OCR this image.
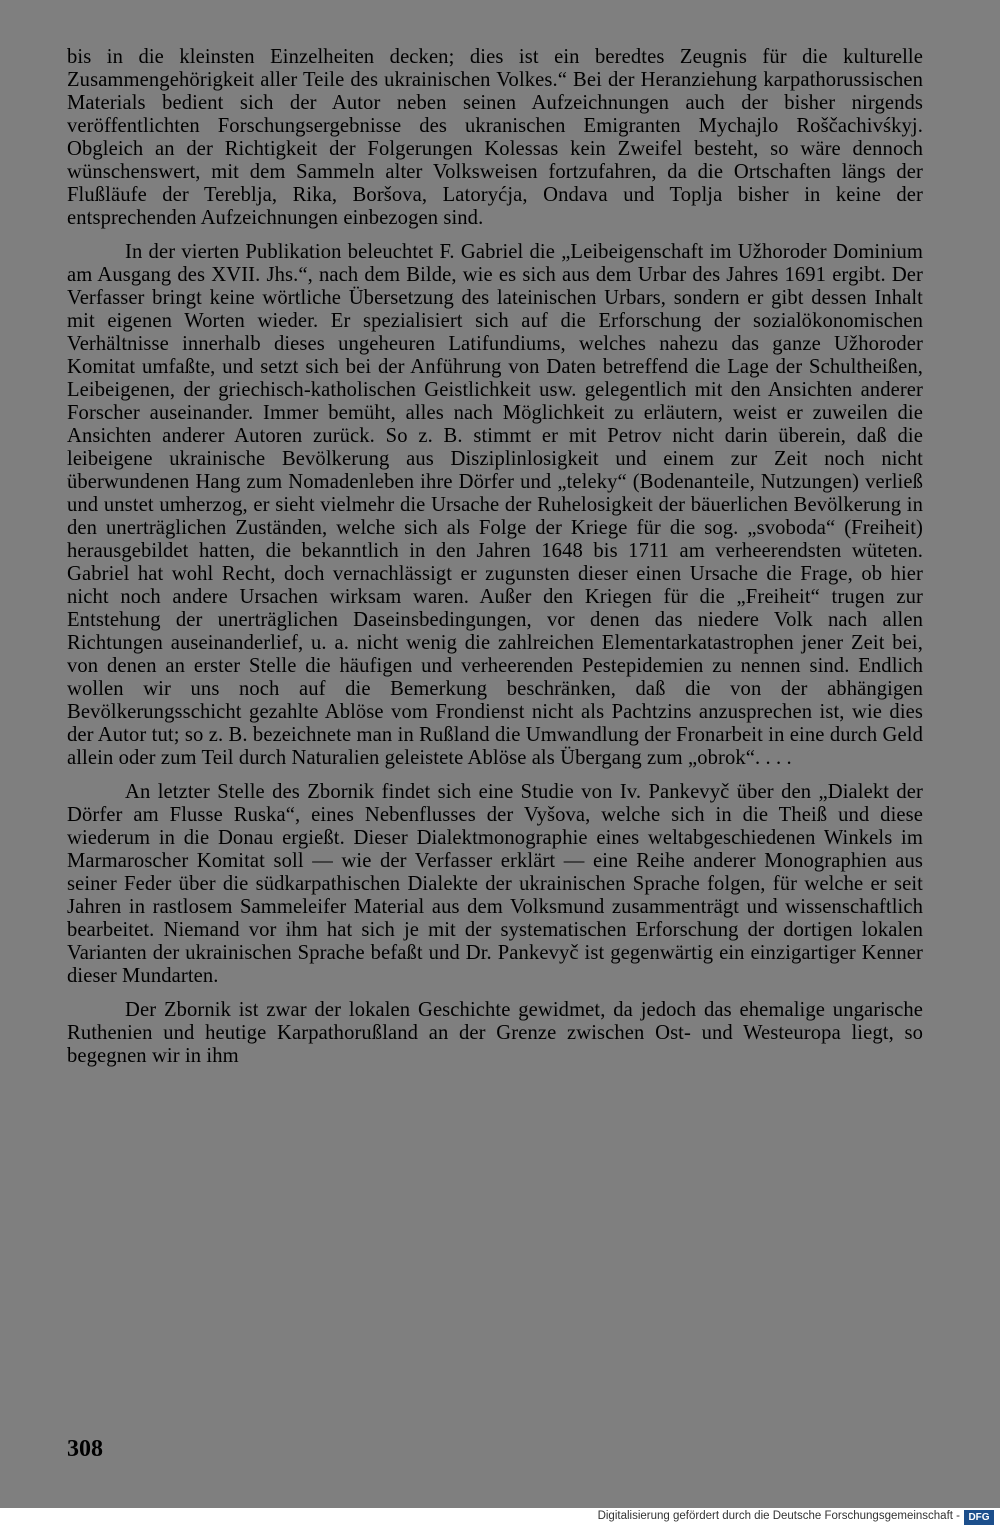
bis in die kleinsten Einzelheiten decken; dies ist ein beredtes Zeugnis für die kulturelle Zusammengehörigkeit aller Teile des ukrainischen Volkes.“ Bei der Heranziehung karpathorussischen Materials bedient sich der Autor neben seinen Aufzeichnungen auch der bisher nirgends veröffentlichten Forschungsergebnisse des ukranischen Emigranten Mychajlo Roščachivśkyj. Obgleich an der Richtigkeit der Folgerungen Kolessas kein Zweifel besteht, so wäre dennoch wünschenswert, mit dem Sammeln alter Volksweisen fortzufahren, da die Ortschaften längs der Flußläufe der Tereblja, Rika, Boršova, Latoryćja, Ondava und Toplja bisher in keine der entsprechenden Aufzeichnungen einbezogen sind.

In der vierten Publikation beleuchtet F. Gabriel die „Leibeigenschaft im Užhoroder Dominium am Ausgang des XVII. Jhs.“, nach dem Bilde, wie es sich aus dem Urbar des Jahres 1691 ergibt. Der Verfasser bringt keine wörtliche Übersetzung des lateinischen Urbars, sondern er gibt dessen Inhalt mit eigenen Worten wieder. Er spezialisiert sich auf die Erforschung der sozialökonomischen Verhältnisse innerhalb dieses ungeheuren Latifundiums, welches nahezu das ganze Užhoroder Komitat umfaßte, und setzt sich bei der Anführung von Daten betreffend die Lage der Schultheißen, Leibeigenen, der griechisch-katholischen Geistlichkeit usw. gelegentlich mit den Ansichten anderer Forscher auseinander. Immer bemüht, alles nach Möglichkeit zu erläutern, weist er zuweilen die Ansichten anderer Autoren zurück. So z. B. stimmt er mit Petrov nicht darin überein, daß die leibeigene ukrainische Bevölkerung aus Disziplinlosigkeit und einem zur Zeit noch nicht überwundenen Hang zum Nomadenleben ihre Dörfer und „teleky“ (Bodenanteile, Nutzungen) verließ und unstet umherzog, er sieht vielmehr die Ursache der Ruhelosigkeit der bäuerlichen Bevölkerung in den unerträglichen Zuständen, welche sich als Folge der Kriege für die sog. „svoboda“ (Freiheit) herausgebildet hatten, die bekanntlich in den Jahren 1648 bis 1711 am verheerendsten wüteten. Gabriel hat wohl Recht, doch vernachlässigt er zugunsten dieser einen Ursache die Frage, ob hier nicht noch andere Ursachen wirksam waren. Außer den Kriegen für die „Freiheit“ trugen zur Entstehung der unerträglichen Daseinsbedingungen, vor denen das niedere Volk nach allen Richtungen auseinanderlief, u. a. nicht wenig die zahlreichen Elementarkatastrophen jener Zeit bei, von denen an erster Stelle die häufigen und verheerenden Pestepidemien zu nennen sind. Endlich wollen wir uns noch auf die Bemerkung beschränken, daß die von der abhängigen Bevölkerungsschicht gezahlte Ablöse vom Frondienst nicht als Pachtzins anzusprechen ist, wie dies der Autor tut; so z. B. bezeichnete man in Rußland die Umwandlung der Fronarbeit in eine durch Geld allein oder zum Teil durch Naturalien geleistete Ablöse als Übergang zum „obrok“. . . .

An letzter Stelle des Zbornik findet sich eine Studie von Iv. Pankevyč über den „Dialekt der Dörfer am Flusse Ruska“, eines Nebenflusses der Vyšova, welche sich in die Theiß und diese wiederum in die Donau ergießt. Dieser Dialektmonographie eines weltabgeschiedenen Winkels im Marmaroscher Komitat soll — wie der Verfasser erklärt — eine Reihe anderer Monographien aus seiner Feder über die südkarpathischen Dialekte der ukrainischen Sprache folgen, für welche er seit Jahren in rastlosem Sammeleifer Material aus dem Volksmund zusammenträgt und wissenschaftlich bearbeitet. Niemand vor ihm hat sich je mit der systematischen Erforschung der dortigen lokalen Varianten der ukrainischen Sprache befaßt und Dr. Pankevyč ist gegenwärtig ein einzigartiger Kenner dieser Mundarten.

Der Zbornik ist zwar der lokalen Geschichte gewidmet, da jedoch das ehemalige ungarische Ruthenien und heutige Karpathorußland an der Grenze zwischen Ost- und Westeuropa liegt, so begegnen wir in ihm

308
Digitalisierung gefördert durch die Deutsche Forschungsgemeinschaft - DFG
